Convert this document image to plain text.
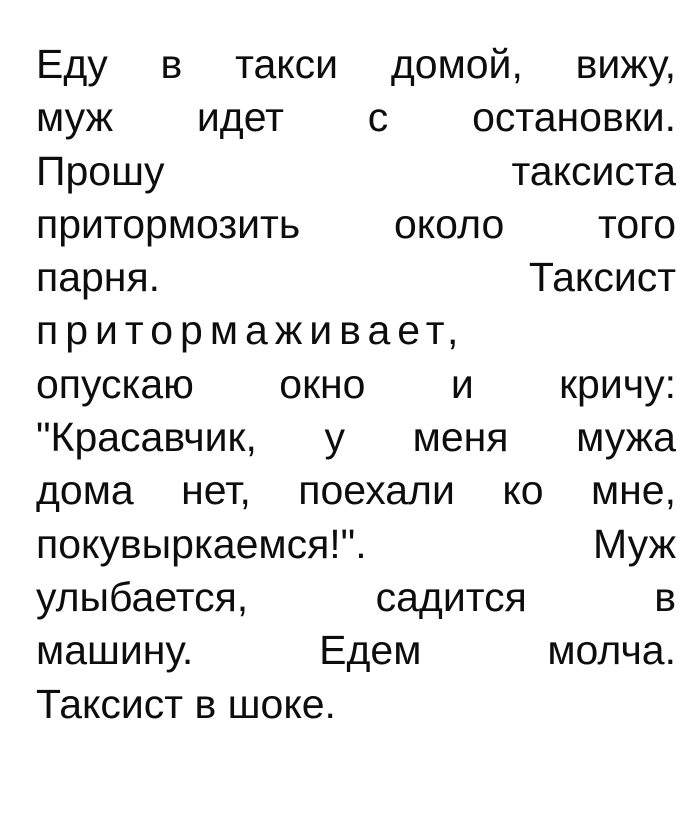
Еду в такси домой, вижу,
муж идет с остановки.
Прошу таксиста
притормозить около того
парня. Таксист
притормаживает,
опускаю окно и кричу:
"Красавчик, у меня мужа
дома нет, поехали ко мне,
покувыркаемся!". Муж
улыбается, садится в
машину. Едем молча.
Таксист в шоке.
